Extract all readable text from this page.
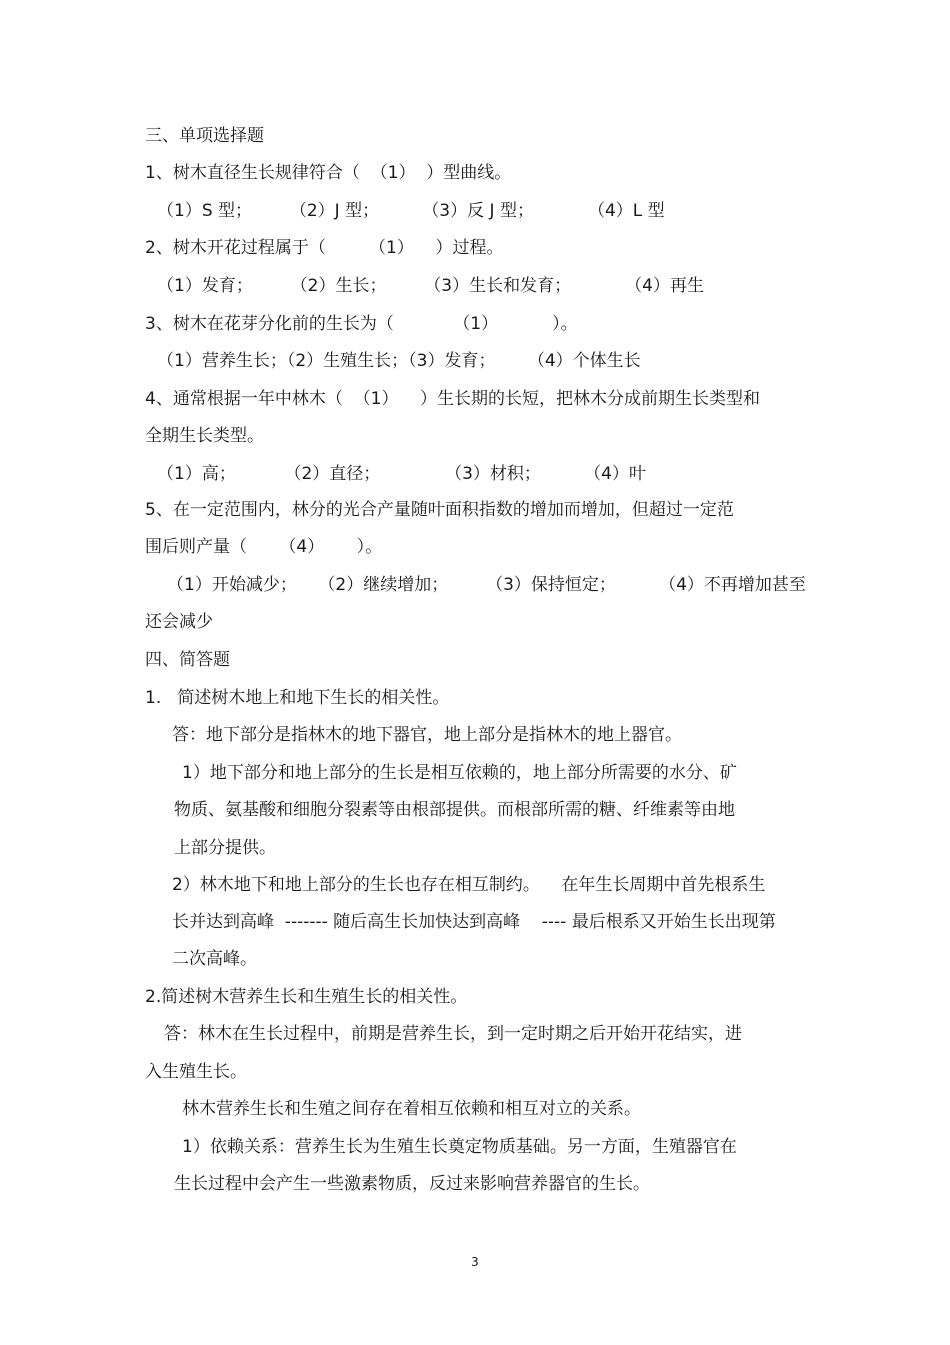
三、单项选择题
1、树木直径生长规律符合（  （1）  ）型曲线。
（1）S 型；       （2）J 型；        （3）反 J 型；          （4）L 型
2、树木开花过程属于（        （1）    ）过程。
（1）发育；       （2）生长；       （3）生长和发育；          （4）再生
3、树木在花芽分化前的生长为（           （1）          ）。
（1）营养生长；（2）生殖生长；（3）发育；      （4）个体生长
4、通常根据一年中林木（  （1）    ）生长期的长短，把林木分成前期生长类型和
全期生长类型。
（1）高；         （2）直径；            （3）材积；        （4）叶
5、在一定范围内，林分的光合产量随叶面积指数的增加而增加，但超过一定范
围后则产量（      （4）      ）。
（1）开始减少；    （2）继续增加；       （3）保持恒定；        （4）不再增加甚至
还会减少
四、简答题
1.   简述树木地上和地下生长的相关性。
答：地下部分是指林木的地下器官，地上部分是指林木的地上器官。
1）地下部分和地上部分的生长是相互依赖的，地上部分所需要的水分、矿
物质、氨基酸和细胞分裂素等由根部提供。而根部所需的糖、纤维素等由地
上部分提供。
2）林木地下和地上部分的生长也存在相互制约。    在年生长周期中首先根系生
长并达到高峰  ------- 随后高生长加快达到高峰    ---- 最后根系又开始生长出现第
二次高峰。
2.简述树木营养生长和生殖生长的相关性。
答：林木在生长过程中，前期是营养生长，到一定时期之后开始开花结实，进
入生殖生长。
林木营养生长和生殖之间存在着相互依赖和相互对立的关系。
1）依赖关系：营养生长为生殖生长奠定物质基础。另一方面，生殖器官在
生长过程中会产生一些激素物质，反过来影响营养器官的生长。
3
